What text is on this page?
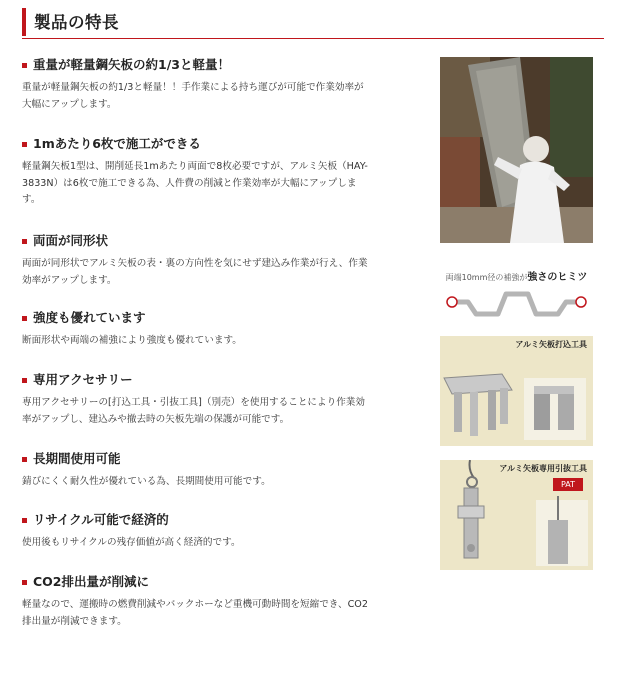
製品の特長
重量が軽量鋼矢板の約1/3と軽量！
重量が軽量鋼矢板の約1/3と軽量！！手作業による持ち運びが可能で作業効率が
大幅にアップします。
1mあたり6枚で施工ができる
軽量鋼矢板1型は、開削延長1mあたり両面で8枚必要ですが、アルミ矢板（HAY-
3833N）は6枚で施工できる為、人件費の削減と作業効率が大幅にアップしま
す。
両面が同形状
両面が同形状でアルミ矢板の表・裏の方向性を気にせず建込み作業が行え、作業
効率がアップします。
強度も優れています
断面形状や両端の補強により強度も優れています。
専用アクセサリー
専用アクセサリーの[打込工具・引抜工具]（別売）を使用することにより作業効
率がアップし、建込みや撤去時の矢板先端の保護が可能です。
長期間使用可能
錆びにくく耐久性が優れている為、長期間使用可能です。
リサイクル可能で経済的
使用後もリサイクルの残存価値が高く経済的です。
CO2排出量が削減に
軽量なので、運搬時の燃費削減やバックホーなど重機可動時間を短縮でき、CO2
排出量が削減できます。
両端10mm径の補強が強さのヒミツ
アルミ矢板打込工具
アルミ矢板専用引抜工具
PAT
